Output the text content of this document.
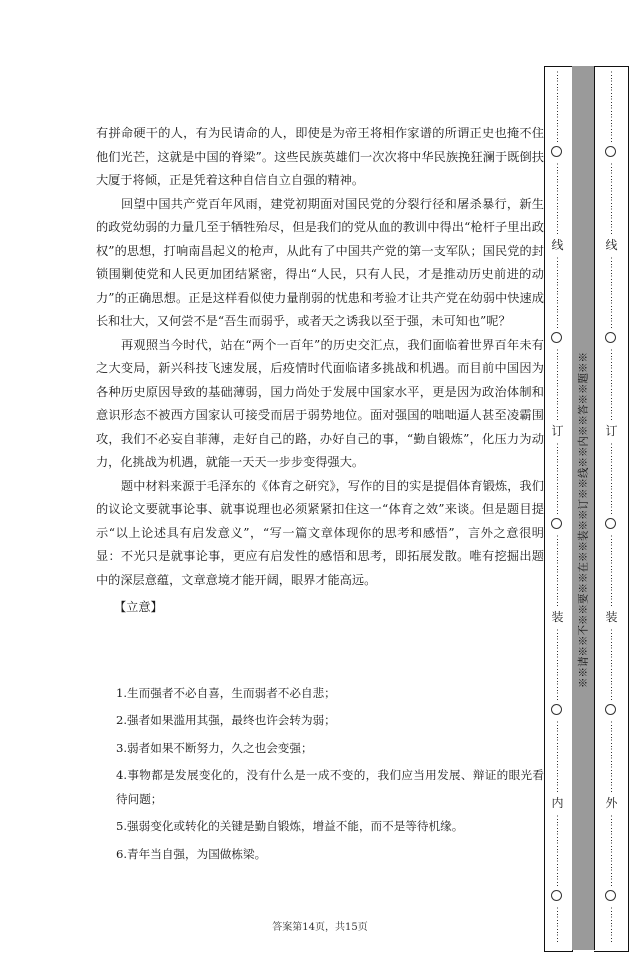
有拼命硬干的人，有为民请命的人，即使是为帝王将相作家谱的所谓正史也掩不住他们光芒，这就是中国的脊梁”。这些民族英雄们一次次将中华民族挽狂澜于既倒扶大厦于将倾，正是凭着这种自信自立自强的精神。

回望中国共产党百年风雨，建党初期面对国民党的分裂行径和屠杀暴行，新生的政党幼弱的力量几至于牺牲殆尽，但是我们的党从血的教训中得出“枪杆子里出政权”的思想，打响南昌起义的枪声，从此有了中国共产党的第一支军队；国民党的封锁围剿使党和人民更加团结紧密，得出“人民，只有人民，才是推动历史前进的动力”的正确思想。正是这样看似使力量削弱的忧患和考验才让共产党在幼弱中快速成长和壮大，又何尝不是“吾生而弱乎，或者天之诱我以至于强，未可知也”呢？

再观照当今时代，站在“两个一百年”的历史交汇点，我们面临着世界百年未有之大变局，新兴科技飞速发展，后疫情时代面临诸多挑战和机遇。而目前中国因为各种历史原因导致的基础薄弱，国力尚处于发展中国家水平，更是因为政治体制和意识形态不被西方国家认可接受而居于弱势地位。面对强国的咄咄逼人甚至凌霸围攻，我们不必妄自菲薄，走好自己的路，办好自己的事，“勤自锻炼”，化压力为动力，化挑战为机遇，就能一天天一步步变得强大。

题中材料来源于毛泽东的《体育之研究》，写作的目的实是提倡体育锻炼，我们的议论文要就事论事、就事说理也必须紧紧扣住这一“体育之效”来谈。但是题目提示“以上论述具有启发意义”，“写一篇文章体现你的思考和感悟”，言外之意很明显：不光只是就事论事，更应有启发性的感悟和思考，即拓展发散。唯有挖掘出题中的深层意蕴，文章意境才能开阔，眼界才能高远。

【立意】

1.生而强者不必自喜，生而弱者不必自悲；

2.强者如果滥用其强，最终也许会转为弱；

3.弱者如果不断努力，久之也会变强；

4.事物都是发展变化的，没有什么是一成不变的，我们应当用发展、辩证的眼光看待问题；

5.强弱变化或转化的关键是勤自锻炼，增益不能，而不是等待机缘。

6.青年当自强，为国做栋梁。

答案第14页，共15页
⋮
⋮
⋮
⋮
⋮
⋮
⋮
⋮
⋮
⋮
⋮
⋮
⋮
⋮
⋮
⋮
线
⋮
⋮
⋮
⋮
⋮
⋮
⋮
⋮
⋮
⋮
⋮
⋮
⋮
⋮
⋮
⋮
订
⋮
⋮
⋮
⋮
⋮
⋮
⋮
⋮
⋮
⋮
⋮
⋮
⋮
⋮
⋮
⋮
装
⋮
⋮
⋮
⋮
⋮
⋮
⋮
⋮
⋮
⋮
⋮
⋮
⋮
⋮
⋮
⋮
内
⋮
⋮
⋮
⋮
⋮
⋮
⋮
⋮
⋮
⋮
⋮
⋮
⋮
⋮
⋮
⋮
⋮
⋮
⋮
⋮
⋮
⋮
⋮
⋮
⋮
⋮
⋮
⋮
线
⋮
⋮
⋮
⋮
⋮
⋮
⋮
⋮
⋮
⋮
⋮
⋮
⋮
⋮
⋮
⋮
订
⋮
⋮
⋮
⋮
⋮
⋮
⋮
⋮
⋮
⋮
⋮
⋮
⋮
⋮
⋮
⋮
装
⋮
⋮
⋮
⋮
⋮
⋮
⋮
⋮
⋮
⋮
⋮
⋮
⋮
⋮
⋮
⋮
外
⋮
⋮
⋮
⋮
⋮
⋮
⋮
⋮
⋮
⋮
⋮
⋮
※※请※※不※※要※※在※※装※※订※※线※※内※※答※※题※※
